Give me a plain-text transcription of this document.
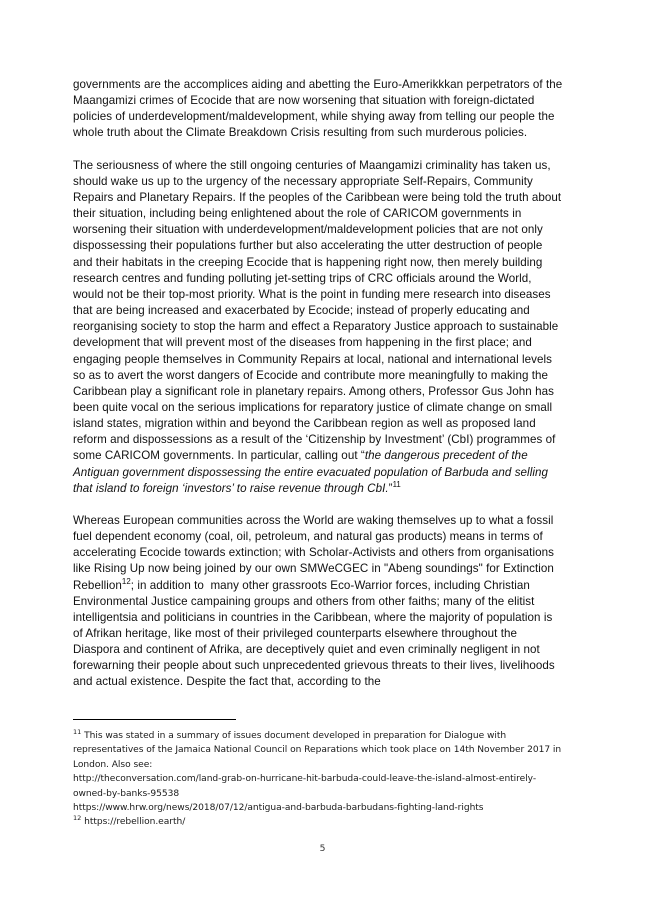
governments are the accomplices aiding and abetting the Euro-Amerikkkan perpetrators of the Maangamizi crimes of Ecocide that are now worsening that situation with foreign-dictated policies of underdevelopment/maldevelopment, while shying away from telling our people the whole truth about the Climate Breakdown Crisis resulting from such murderous policies.

The seriousness of where the still ongoing centuries of Maangamizi criminality has taken us, should wake us up to the urgency of the necessary appropriate Self-Repairs, Community Repairs and Planetary Repairs. If the peoples of the Caribbean were being told the truth about their situation, including being enlightened about the role of CARICOM governments in worsening their situation with underdevelopment/maldevelopment policies that are not only dispossessing their populations further but also accelerating the utter destruction of people and their habitats in the creeping Ecocide that is happening right now, then merely building research centres and funding polluting jet-setting trips of CRC officials around the World, would not be their top-most priority. What is the point in funding mere research into diseases that are being increased and exacerbated by Ecocide; instead of properly educating and reorganising society to stop the harm and effect a Reparatory Justice approach to sustainable development that will prevent most of the diseases from happening in the first place; and engaging people themselves in Community Repairs at local, national and international levels so as to avert the worst dangers of Ecocide and contribute more meaningfully to making the Caribbean play a significant role in planetary repairs. Among others, Professor Gus John has been quite vocal on the serious implications for reparatory justice of climate change on small island states, migration within and beyond the Caribbean region as well as proposed land reform and dispossessions as a result of the ‘Citizenship by Investment’ (CbI) programmes of some CARICOM governments. In particular, calling out “the dangerous precedent of the Antiguan government dispossessing the entire evacuated population of Barbuda and selling that island to foreign ‘investors’ to raise revenue through CbI.”$^{11}$

Whereas European communities across the World are waking themselves up to what a fossil fuel dependent economy (coal, oil, petroleum, and natural gas products) means in terms of accelerating Ecocide towards extinction; with Scholar-Activists and others from organisations like Rising Up now being joined by our own SMWeCGEC in "Abeng soundings" for Extinction Rebellion$^{12}$; in addition to  many other grassroots Eco-Warrior forces, including Christian Environmental Justice campaining groups and others from other faiths; many of the elitist intelligentsia and politicians in countries in the Caribbean, where the majority of population is of Afrikan heritage, like most of their privileged counterparts elsewhere throughout the Diaspora and continent of Afrika, are deceptively quiet and even criminally negligent in not forewarning their people about such unprecedented grievous threats to their lives, livelihoods and actual existence. Despite the fact that, according to the

$^{11}$ This was stated in a summary of issues document developed in preparation for Dialogue with representatives of the Jamaica National Council on Reparations which took place on 14th November 2017 in London. Also see:

http://theconversation.com/land-grab-on-hurricane-hit-barbuda-could-leave-the-island-almost-entirely-owned-by-banks-95538

https://www.hrw.org/news/2018/07/12/antigua-and-barbuda-barbudans-fighting-land-rights

$^{12}$ https://rebellion.earth/

5
